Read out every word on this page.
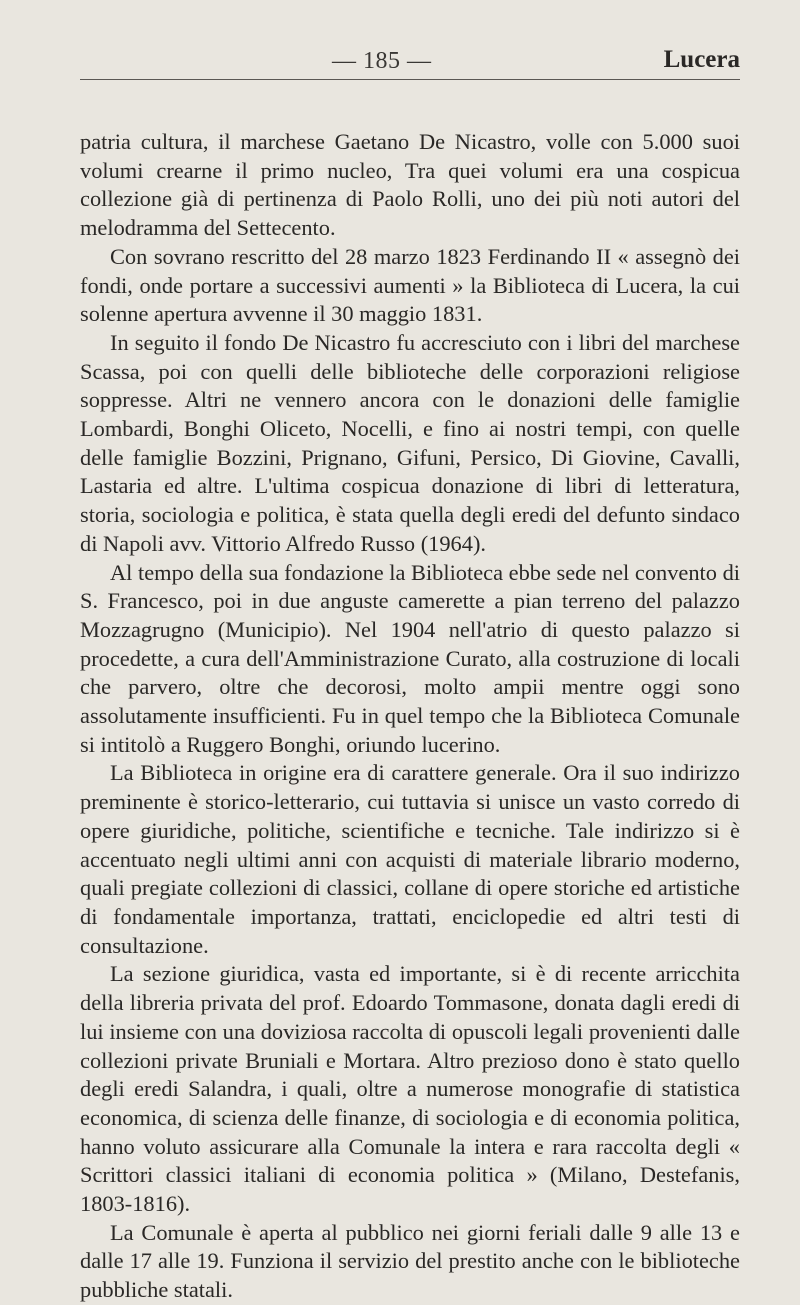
— 185 —	Lucera

patria cultura, il marchese Gaetano De Nicastro, volle con 5.000 suoi volumi crearne il primo nucleo, Tra quei volumi era una cospicua collezione già di pertinenza di Paolo Rolli, uno dei più noti autori del melodramma del Settecento.

Con sovrano rescritto del 28 marzo 1823 Ferdinando II « assegnò dei fondi, onde portare a successivi aumenti » la Biblioteca di Lucera, la cui solenne apertura avvenne il 30 maggio 1831.

In seguito il fondo De Nicastro fu accresciuto con i libri del marchese Scassa, poi con quelli delle biblioteche delle corporazioni religiose soppresse. Altri ne vennero ancora con le donazioni delle famiglie Lombardi, Bonghi Oliceto, Nocelli, e fino ai nostri tempi, con quelle delle famiglie Bozzini, Prignano, Gifuni, Persico, Di Giovine, Cavalli, Lastaria ed altre. L'ultima cospicua donazione di libri di letteratura, storia, sociologia e politica, è stata quella degli eredi del defunto sindaco di Napoli avv. Vittorio Alfredo Russo (1964).

Al tempo della sua fondazione la Biblioteca ebbe sede nel convento di S. Francesco, poi in due anguste camerette a pian terreno del palazzo Mozzagrugno (Municipio). Nel 1904 nell'atrio di questo palazzo si procedette, a cura dell'Amministrazione Curato, alla costruzione di locali che parvero, oltre che decorosi, molto ampii mentre oggi sono assolutamente insufficienti. Fu in quel tempo che la Biblioteca Comunale si intitolò a Ruggero Bonghi, oriundo lucerino.

La Biblioteca in origine era di carattere generale. Ora il suo indirizzo preminente è storico-letterario, cui tuttavia si unisce un vasto corredo di opere giuridiche, politiche, scientifiche e tecniche. Tale indirizzo si è accentuato negli ultimi anni con acquisti di materiale librario moderno, quali pregiate collezioni di classici, collane di opere storiche ed artistiche di fondamentale importanza, trattati, enciclopedie ed altri testi di consultazione.

La sezione giuridica, vasta ed importante, si è di recente arricchita della libreria privata del prof. Edoardo Tommasone, donata dagli eredi di lui insieme con una doviziosa raccolta di opuscoli legali provenienti dalle collezioni private Bruniali e Mortara. Altro prezioso dono è stato quello degli eredi Salandra, i quali, oltre a numerose monografie di statistica economica, di scienza delle finanze, di sociologia e di economia politica, hanno voluto assicurare alla Comunale la intera e rara raccolta degli « Scrittori classici italiani di economia politica » (Milano, Destefanis, 1803-1816).

La Comunale è aperta al pubblico nei giorni feriali dalle 9 alle 13 e dalle 17 alle 19. Funziona il servizio del prestito anche con le biblioteche pubbliche statali.
